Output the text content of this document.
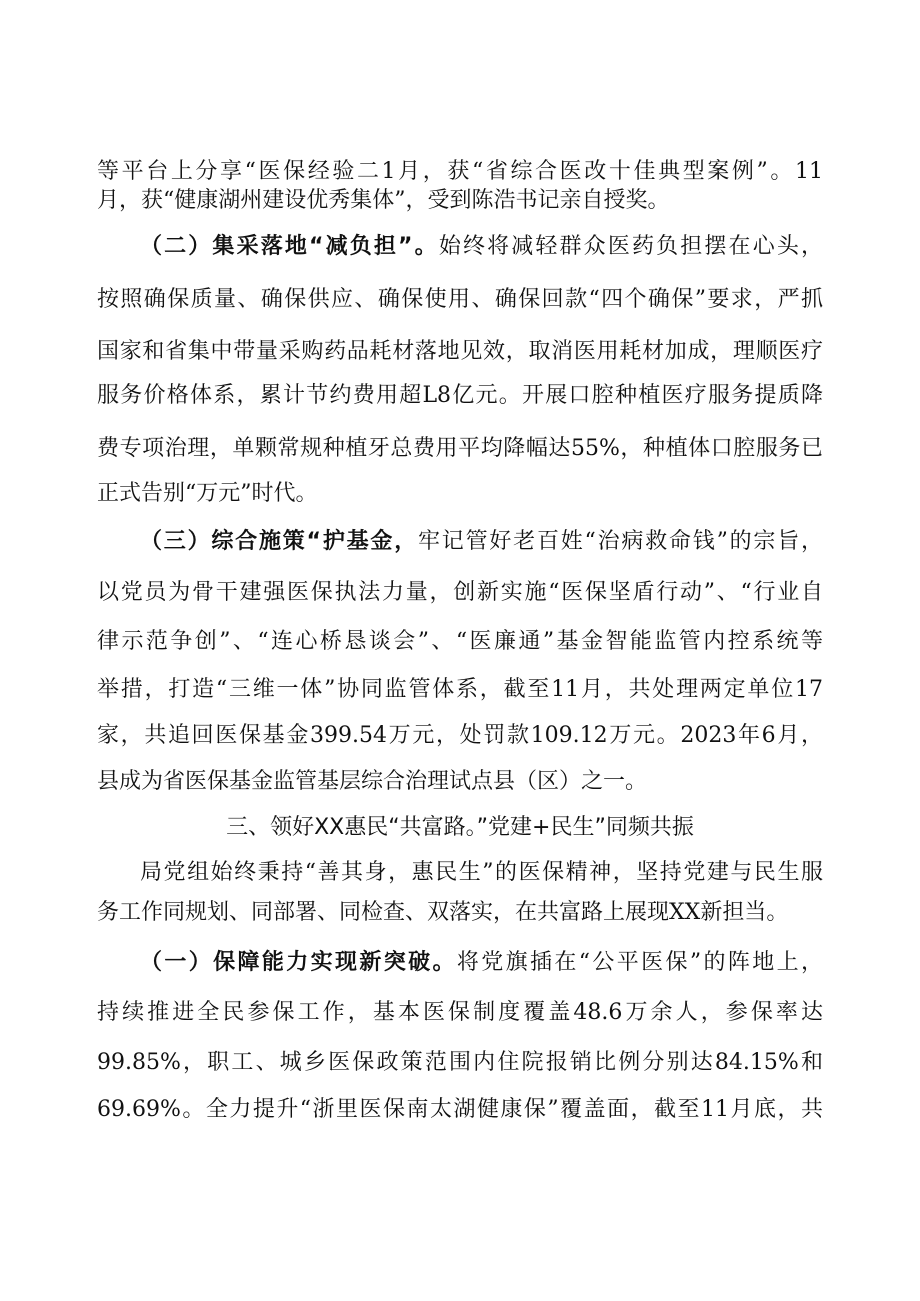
等平台上分享“医保经验二1月，获“省综合医改十佳典型案例”。11
月，获“健康湖州建设优秀集体”，受到陈浩书记亲自授奖。
（二）集采落地“减负担”。始终将减轻群众医药负担摆在心头，
按照确保质量、确保供应、确保使用、确保回款“四个确保”要求，严抓
国家和省集中带量采购药品耗材落地见效，取消医用耗材加成，理顺医疗
服务价格体系，累计节约费用超L8亿元。开展口腔种植医疗服务提质降
费专项治理，单颗常规种植牙总费用平均降幅达55%，种植体口腔服务已
正式告别“万元”时代。
（三）综合施策“护基金，牢记管好老百姓“治病救命钱”的宗旨，
以党员为骨干建强医保执法力量，创新实施“医保坚盾行动”、“行业自
律示范争创”、“连心桥恳谈会”、“医廉通”基金智能监管内控系统等
举措，打造“三维一体”协同监管体系，截至11月，共处理两定单位17
家，共追回医保基金399.54万元，处罚款109.12万元。2023年6月，
县成为省医保基金监管基层综合治理试点县（区）之一。
三、领好XX惠民“共富路。”党建+民生”同频共振
局党组始终秉持“善其身，惠民生”的医保精神，坚持党建与民生服
务工作同规划、同部署、同检查、双落实，在共富路上展现XX新担当。
（一）保障能力实现新突破。将党旗插在“公平医保”的阵地上，
持续推进全民参保工作，基本医保制度覆盖48.6万余人，参保率达
99.85%，职工、城乡医保政策范围内住院报销比例分别达84.15%和
69.69%。全力提升“浙里医保南太湖健康保”覆盖面，截至11月底，共
